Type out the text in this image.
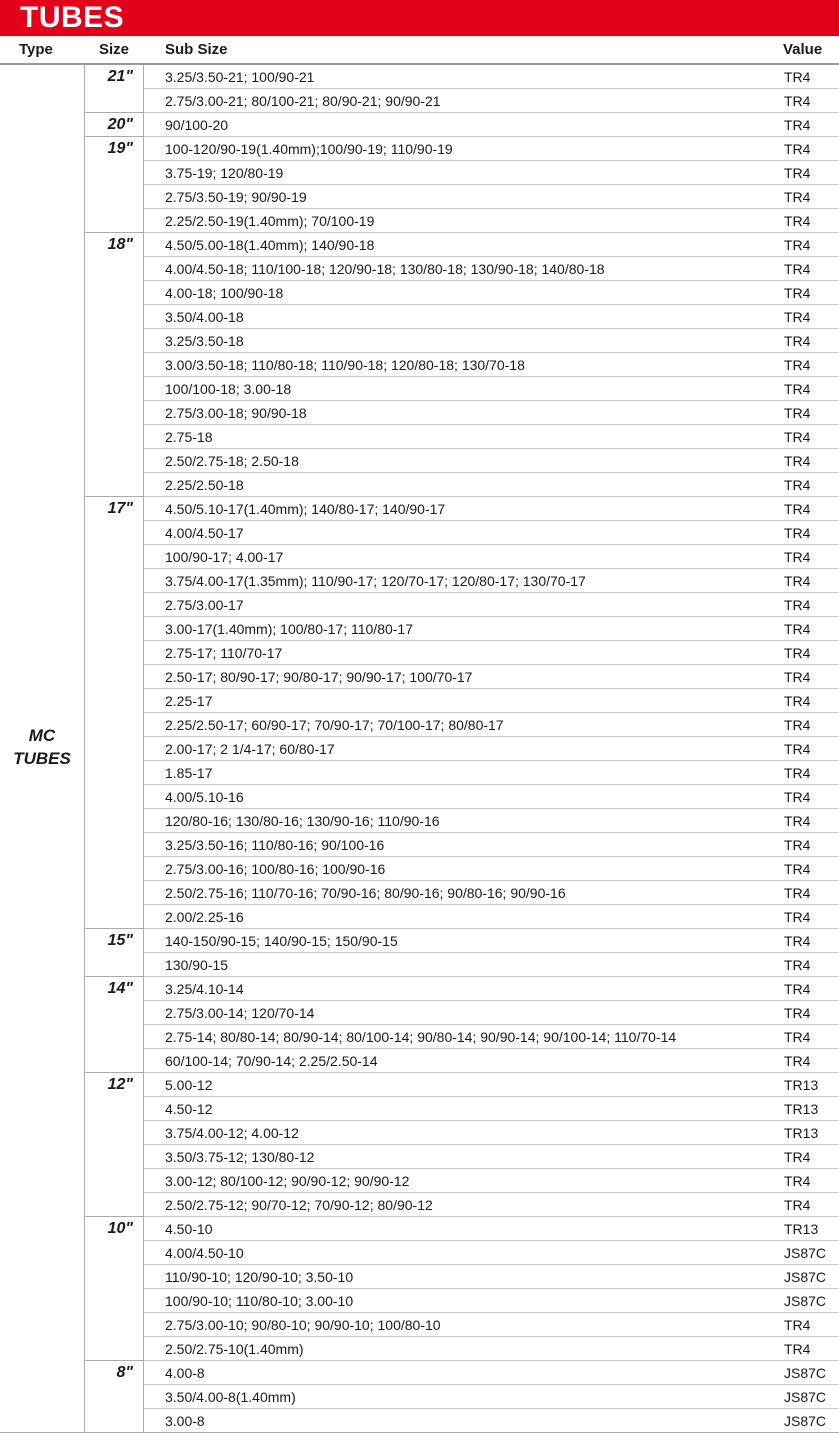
TUBES
Type	Size Sub Size	Value
21" 3.25/3.50-21; 100/90-21	TR4
2.75/3.00-21; 80/100-21; 80/90-21; 90/90-21	TR4
20" 90/100-20	TR4
19" 100-120/90-19(1.40mm);100/90-19; 110/90-19	TR4
3.75-19; 120/80-19	TR4
2.75/3.50-19; 90/90-19	TR4
2.25/2.50-19(1.40mm); 70/100-19	TR4
18" 4.50/5.00-18(1.40mm); 140/90-18	TR4
4.00/4.50-18; 110/100-18; 120/90-18; 130/80-18; 130/90-18; 140/80-18	TR4
4.00-18; 100/90-18	TR4
3.50/4.00-18	TR4
3.25/3.50-18	TR4
3.00/3.50-18; 110/80-18; 110/90-18; 120/80-18; 130/70-18	TR4
100/100-18; 3.00-18	TR4
2.75/3.00-18; 90/90-18	TR4
2.75-18	TR4
2.50/2.75-18; 2.50-18	TR4
2.25/2.50-18	TR4
17" 4.50/5.10-17(1.40mm); 140/80-17; 140/90-17	TR4
4.00/4.50-17	TR4
100/90-17; 4.00-17	TR4
3.75/4.00-17(1.35mm); 110/90-17; 120/70-17; 120/80-17; 130/70-17	TR4
2.75/3.00-17	TR4
3.00-17(1.40mm); 100/80-17; 110/80-17	TR4
2.75-17; 110/70-17	TR4
2.50-17; 80/90-17; 90/80-17; 90/90-17; 100/70-17	TR4
2.25-17	TR4
2.25/2.50-17; 60/90-17; 70/90-17; 70/100-17; 80/80-17	TR4
2.00-17; 2 1/4-17; 60/80-17	TR4
1.85-17	TR4
4.00/5.10-16	TR4
120/80-16; 130/80-16; 130/90-16; 110/90-16	TR4
3.25/3.50-16; 110/80-16; 90/100-16	TR4
2.75/3.00-16; 100/80-16; 100/90-16	TR4
2.50/2.75-16; 110/70-16; 70/90-16; 80/90-16; 90/80-16; 90/90-16	TR4
2.00/2.25-16	TR4
15" 140-150/90-15; 140/90-15; 150/90-15	TR4
130/90-15	TR4
14" 3.25/4.10-14	TR4
2.75/3.00-14; 120/70-14	TR4
2.75-14; 80/80-14; 80/90-14; 80/100-14; 90/80-14; 90/90-14; 90/100-14; 110/70-14	TR4
60/100-14; 70/90-14; 2.25/2.50-14	TR4
12" 5.00-12	TR13
4.50-12	TR13
3.75/4.00-12; 4.00-12	TR13
3.50/3.75-12; 130/80-12	TR4
3.00-12; 80/100-12; 90/90-12; 90/90-12	TR4
2.50/2.75-12; 90/70-12; 70/90-12; 80/90-12	TR4
10" 4.50-10	TR13
4.00/4.50-10	JS87C
110/90-10; 120/90-10; 3.50-10	JS87C
100/90-10; 110/80-10; 3.00-10	JS87C
2.75/3.00-10; 90/80-10; 90/90-10; 100/80-10	TR4
2.50/2.75-10(1.40mm)	TR4
8" 4.00-8	JS87C
3.50/4.00-8(1.40mm)	JS87C
3.00-8	JS87C
MC
TUBES
